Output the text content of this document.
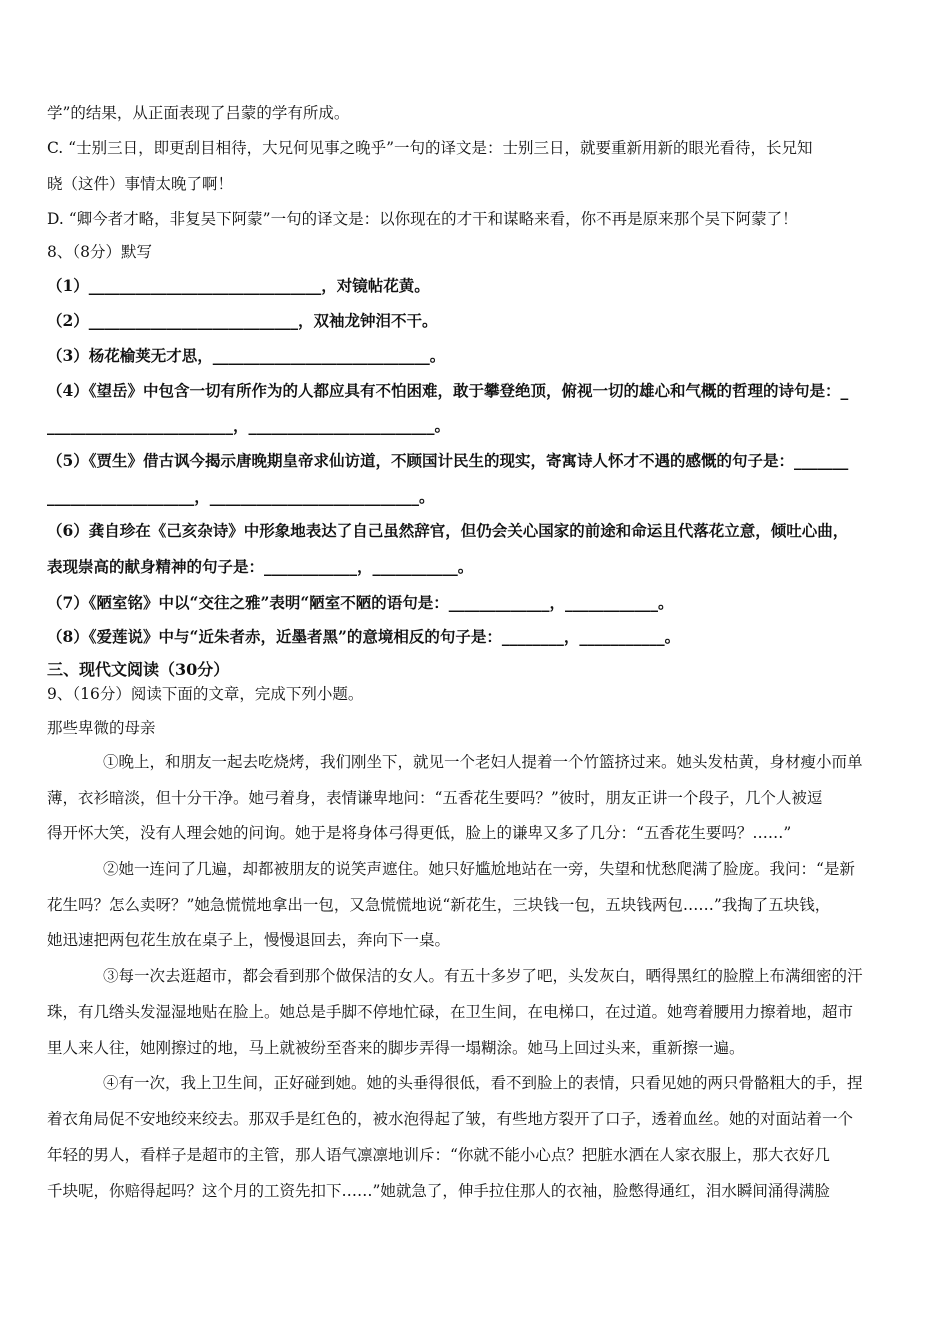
学”的结果，从正面表现了吕蒙的学有所成。
C. “士别三日，即更刮目相待，大兄何见事之晚乎”一句的译文是：士别三日，就要重新用新的眼光看待，长兄知
晓（这件）事情太晚了啊！
D. “卿今者才略，非复吴下阿蒙”一句的译文是：以你现在的才干和谋略来看，你不再是原来那个吴下阿蒙了！
8、（8分）默写
（1）______________________________，对镜帖花黄。
（2）___________________________，双袖龙钟泪不干。
（3）杨花榆荚无才思，____________________________。
（4）《望岳》中包含一切有所作为的人都应具有不怕困难，敢于攀登绝顶，俯视一切的雄心和气概的哲理的诗句是：_
________________________，________________________。
（5）《贾生》借古讽今揭示唐晚期皇帝求仙访道，不顾国计民生的现实，寄寓诗人怀才不遇的感慨的句子是：_______
___________________，___________________________。
（6）龚自珍在《己亥杂诗》中形象地表达了自己虽然辞官，但仍会关心国家的前途和命运且代落花立意，倾吐心曲，
表现崇高的献身精神的句子是：____________，___________。
（7）《陋室铭》中以“交往之雅”表明“陋室不陋的语句是：_____________，____________。
（8）《爱莲说》中与“近朱者赤，近墨者黑”的意境相反的句子是：________，___________。
三、现代文阅读（30分）
9、（16分）阅读下面的文章，完成下列小题。
那些卑微的母亲
①晚上，和朋友一起去吃烧烤，我们刚坐下，就见一个老妇人提着一个竹篮挤过来。她头发枯黄，身材瘦小而单
薄，衣衫暗淡，但十分干净。她弓着身，表情谦卑地问：“五香花生要吗？”彼时，朋友正讲一个段子，几个人被逗
得开怀大笑，没有人理会她的问询。她于是将身体弓得更低，脸上的谦卑又多了几分：“五香花生要吗？……”
②她一连问了几遍，却都被朋友的说笑声遮住。她只好尴尬地站在一旁，失望和忧愁爬满了脸庞。我问：“是新
花生吗？怎么卖呀？”她急慌慌地拿出一包，又急慌慌地说“新花生，三块钱一包，五块钱两包……”我掏了五块钱，
她迅速把两包花生放在桌子上，慢慢退回去，奔向下一桌。
③每一次去逛超市，都会看到那个做保洁的女人。有五十多岁了吧，头发灰白，晒得黑红的脸膛上布满细密的汗
珠，有几绺头发湿湿地贴在脸上。她总是手脚不停地忙碌，在卫生间，在电梯口，在过道。她弯着腰用力擦着地，超市
里人来人往，她刚擦过的地，马上就被纷至沓来的脚步弄得一塌糊涂。她马上回过头来，重新擦一遍。
④有一次，我上卫生间，正好碰到她。她的头垂得很低，看不到脸上的表情，只看见她的两只骨骼粗大的手，捏
着衣角局促不安地绞来绞去。那双手是红色的，被水泡得起了皱，有些地方裂开了口子，透着血丝。她的对面站着一个
年轻的男人，看样子是超市的主管，那人语气凛凛地训斥：“你就不能小心点？把脏水洒在人家衣服上，那大衣好几
千块呢，你赔得起吗？这个月的工资先扣下……”她就急了，伸手拉住那人的衣袖，脸憋得通红，泪水瞬间涌得满脸
